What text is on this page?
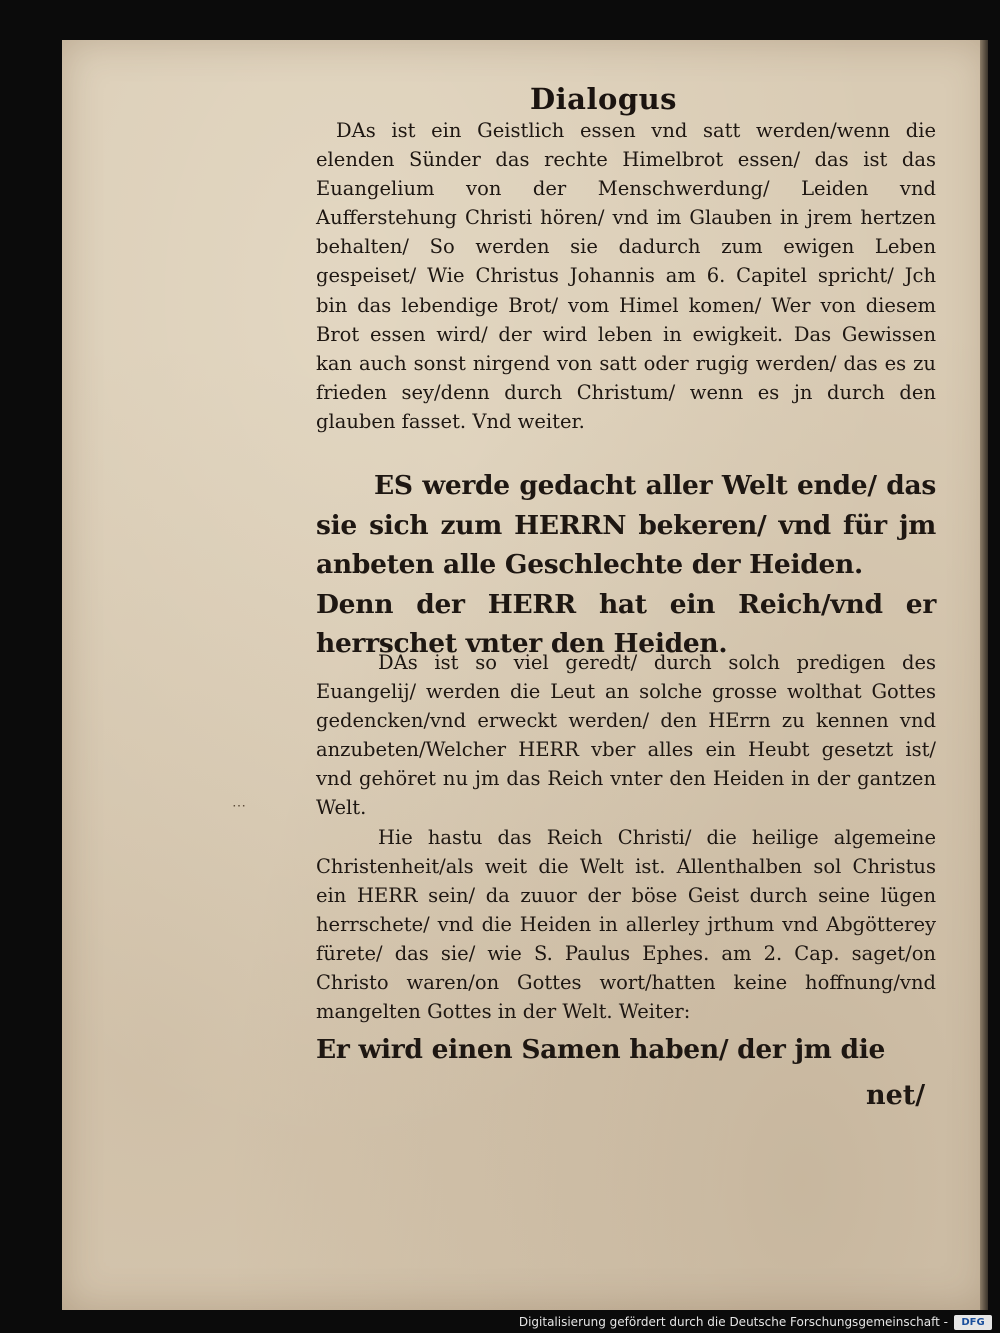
Dialogus

DAs ist ein Geistlich essen vnd satt werden/wenn die elenden Sünder das rechte Himelbrot essen/ das ist das Euangelium von der Menschwerdung/ Leiden vnd Aufferstehung Christi hören/ vnd im Glauben in jrem hertzen behalten/ So werden sie dadurch zum ewigen Leben gespeiset/ Wie Christus Johannis am 6. Capitel spricht/ Jch bin das lebendige Brot/ vom Himel komen/ Wer von diesem Brot essen wird/ der wird leben in ewigkeit. Das Gewissen kan auch sonst nirgend von satt oder rugig werden/ das es zu frieden sey/denn durch Christum/ wenn es jn durch den glauben fasset. Vnd weiter.

ES werde gedacht aller Welt ende/ das sie sich zum HERRN bekeren/ vnd für jm anbeten alle Geschlechte der Heiden.

Denn der HERR hat ein Reich/vnd er herrschet vnter den Heiden.

DAs ist so viel geredt/ durch solch predigen des Euangelij/ werden die Leut an solche grosse wolthat Gottes gedencken/vnd erweckt werden/ den HErrn zu kennen vnd anzubeten/Welcher HERR vber alles ein Heubt gesetzt ist/ vnd gehöret nu jm das Reich vnter den Heiden in der gantzen Welt.

Hie hastu das Reich Christi/ die heilige algemeine Christenheit/als weit die Welt ist. Allenthalben sol Christus ein HERR sein/ da zuuor der böse Geist durch seine lügen herrschete/ vnd die Heiden in allerley jrthum vnd Abgötterey fürete/ das sie/ wie S. Paulus Ephes. am 2. Cap. saget/on Christo waren/on Gottes wort/hatten keine hoffnung/vnd mangelten Gottes in der Welt. Weiter:

Er wird einen Samen haben/ der jm die

net/
⋯
Digitalisierung gefördert durch die Deutsche Forschungsgemeinschaft -	DFG
